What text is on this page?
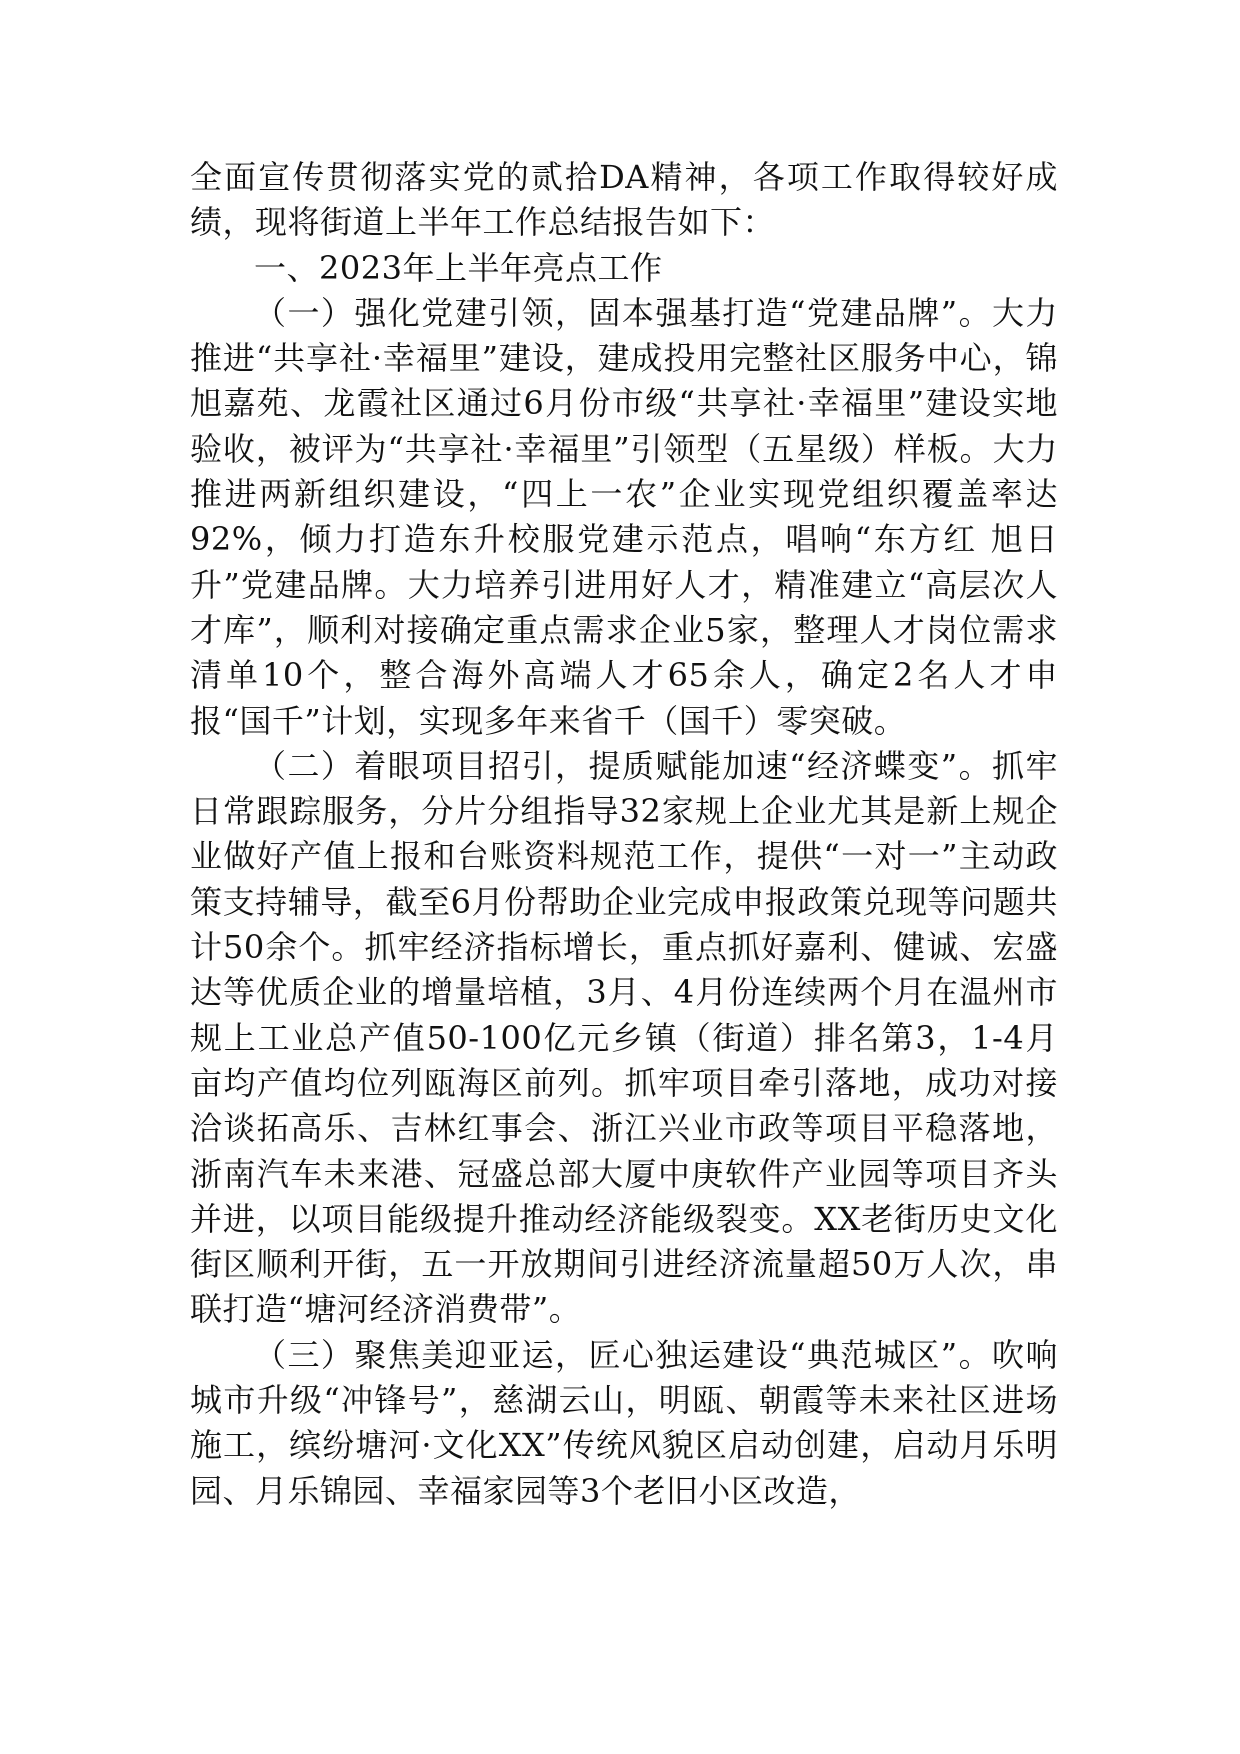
全面宣传贯彻落实党的贰拾DA精神，各项工作取得较好成绩，现将街道上半年工作总结报告如下：

一、2023年上半年亮点工作

（一）强化党建引领，固本强基打造“党建品牌”。大力推进“共享社·幸福里”建设，建成投用完整社区服务中心，锦旭嘉苑、龙霞社区通过6月份市级“共享社·幸福里”建设实地验收，被评为“共享社·幸福里”引领型（五星级）样板。大力推进两新组织建设，“四上一农”企业实现党组织覆盖率达92%，倾力打造东升校服党建示范点，唱响“东方红 旭日升”党建品牌。大力培养引进用好人才，精准建立“高层次人才库”，顺利对接确定重点需求企业5家，整理人才岗位需求清单10个，整合海外高端人才65余人，确定2名人才申报“国千”计划，实现多年来省千（国千）零突破。

（二）着眼项目招引，提质赋能加速“经济蝶变”。抓牢日常跟踪服务，分片分组指导32家规上企业尤其是新上规企业做好产值上报和台账资料规范工作，提供“一对一”主动政策支持辅导，截至6月份帮助企业完成申报政策兑现等问题共计50余个。抓牢经济指标增长，重点抓好嘉利、健诚、宏盛达等优质企业的增量培植，3月、4月份连续两个月在温州市规上工业总产值50-100亿元乡镇（街道）排名第3，1-4月亩均产值均位列瓯海区前列。抓牢项目牵引落地，成功对接洽谈拓高乐、吉林红事会、浙江兴业市政等项目平稳落地，浙南汽车未来港、冠盛总部大厦中庚软件产业园等项目齐头并进，以项目能级提升推动经济能级裂变。XX老街历史文化街区顺利开街，五一开放期间引进经济流量超50万人次，串联打造“塘河经济消费带”。

（三）聚焦美迎亚运，匠心独运建设“典范城区”。吹响城市升级“冲锋号”，慈湖云山，明瓯、朝霞等未来社区进场施工，缤纷塘河·文化XX”传统风貌区启动创建，启动月乐明园、月乐锦园、幸福家园等3个老旧小区改造，
